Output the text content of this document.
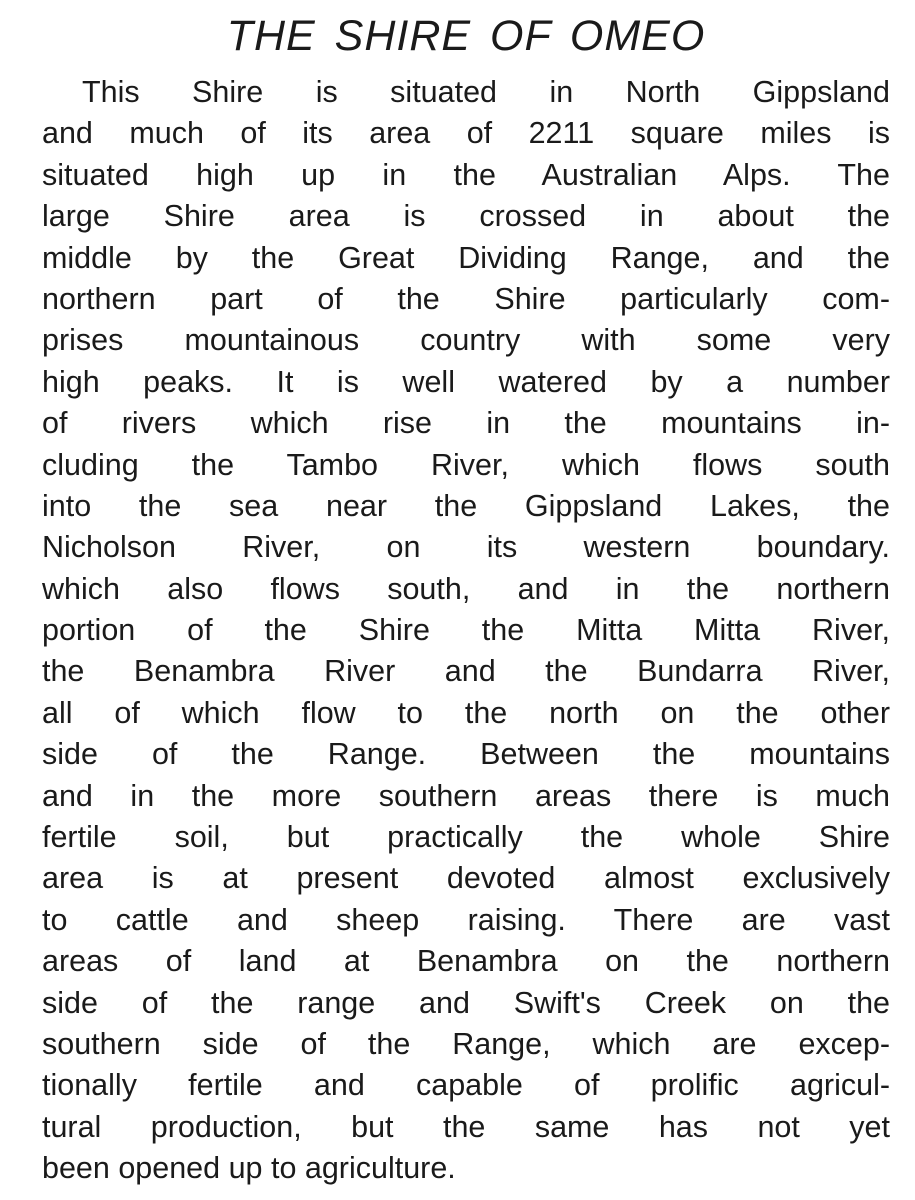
THE SHIRE OF OMEO
This Shire is situated in North Gippsland
and much of its area of 2211 square miles is
situated high up in the Australian Alps. The
large Shire area is crossed in about the
middle by the Great Dividing Range, and the
northern part of the Shire particularly com-
prises mountainous country with some very
high peaks. It is well watered by a number
of rivers which rise in the mountains in-
cluding the Tambo River, which flows south
into the sea near the Gippsland Lakes, the
Nicholson River, on its western boundary.
which also flows south, and in the northern
portion of the Shire the Mitta Mitta River,
the Benambra River and the Bundarra River,
all of which flow to the north on the other
side of the Range. Between the mountains
and in the more southern areas there is much
fertile soil, but practically the whole Shire
area is at present devoted almost exclusively
to cattle and sheep raising. There are vast
areas of land at Benambra on the northern
side of the range and Swift's Creek on the
southern side of the Range, which are excep-
tionally fertile and capable of prolific agricul-
tural production, but the same has not yet
been opened up to agriculture.
